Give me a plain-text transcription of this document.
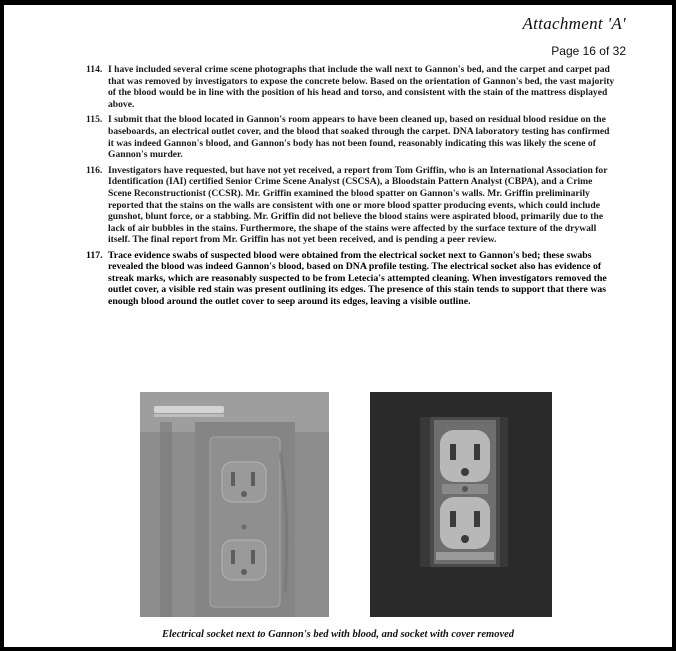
Attachment 'A'
Page 16 of 32
114. I have included several crime scene photographs that include the wall next to Gannon's bed, and the carpet and carpet pad that was removed by investigators to expose the concrete below. Based on the orientation of Gannon's bed, the vast majority of the blood would be in line with the position of his head and torso, and consistent with the stain of the mattress displayed above.
115. I submit that the blood located in Gannon's room appears to have been cleaned up, based on residual blood residue on the baseboards, an electrical outlet cover, and the blood that soaked through the carpet. DNA laboratory testing has confirmed it was indeed Gannon's blood, and Gannon's body has not been found, reasonably indicating this was likely the scene of Gannon's murder.
116. Investigators have requested, but have not yet received, a report from Tom Griffin, who is an International Association for Identification (IAI) certified Senior Crime Scene Analyst (CSCSA), a Bloodstain Pattern Analyst (CBPA), and a Crime Scene Reconstructionist (CCSR). Mr. Griffin examined the blood spatter on Gannon's walls. Mr. Griffin preliminarily reported that the stains on the walls are consistent with one or more blood spatter producing events, which could include gunshot, blunt force, or a stabbing. Mr. Griffin did not believe the blood stains were aspirated blood, primarily due to the lack of air bubbles in the stains. Furthermore, the shape of the stains were affected by the surface texture of the drywall itself. The final report from Mr. Griffin has not yet been received, and is pending a peer review.
117. Trace evidence swabs of suspected blood were obtained from the electrical socket next to Gannon's bed; these swabs revealed the blood was indeed Gannon's blood, based on DNA profile testing. The electrical socket also has evidence of streak marks, which are reasonably suspected to be from Letecia's attempted cleaning. When investigators removed the outlet cover, a visible red stain was present outlining its edges. The presence of this stain tends to support that there was enough blood around the outlet cover to seep around its edges, leaving a visible outline.
Electrical socket next to Gannon's bed with blood, and socket with cover removed
